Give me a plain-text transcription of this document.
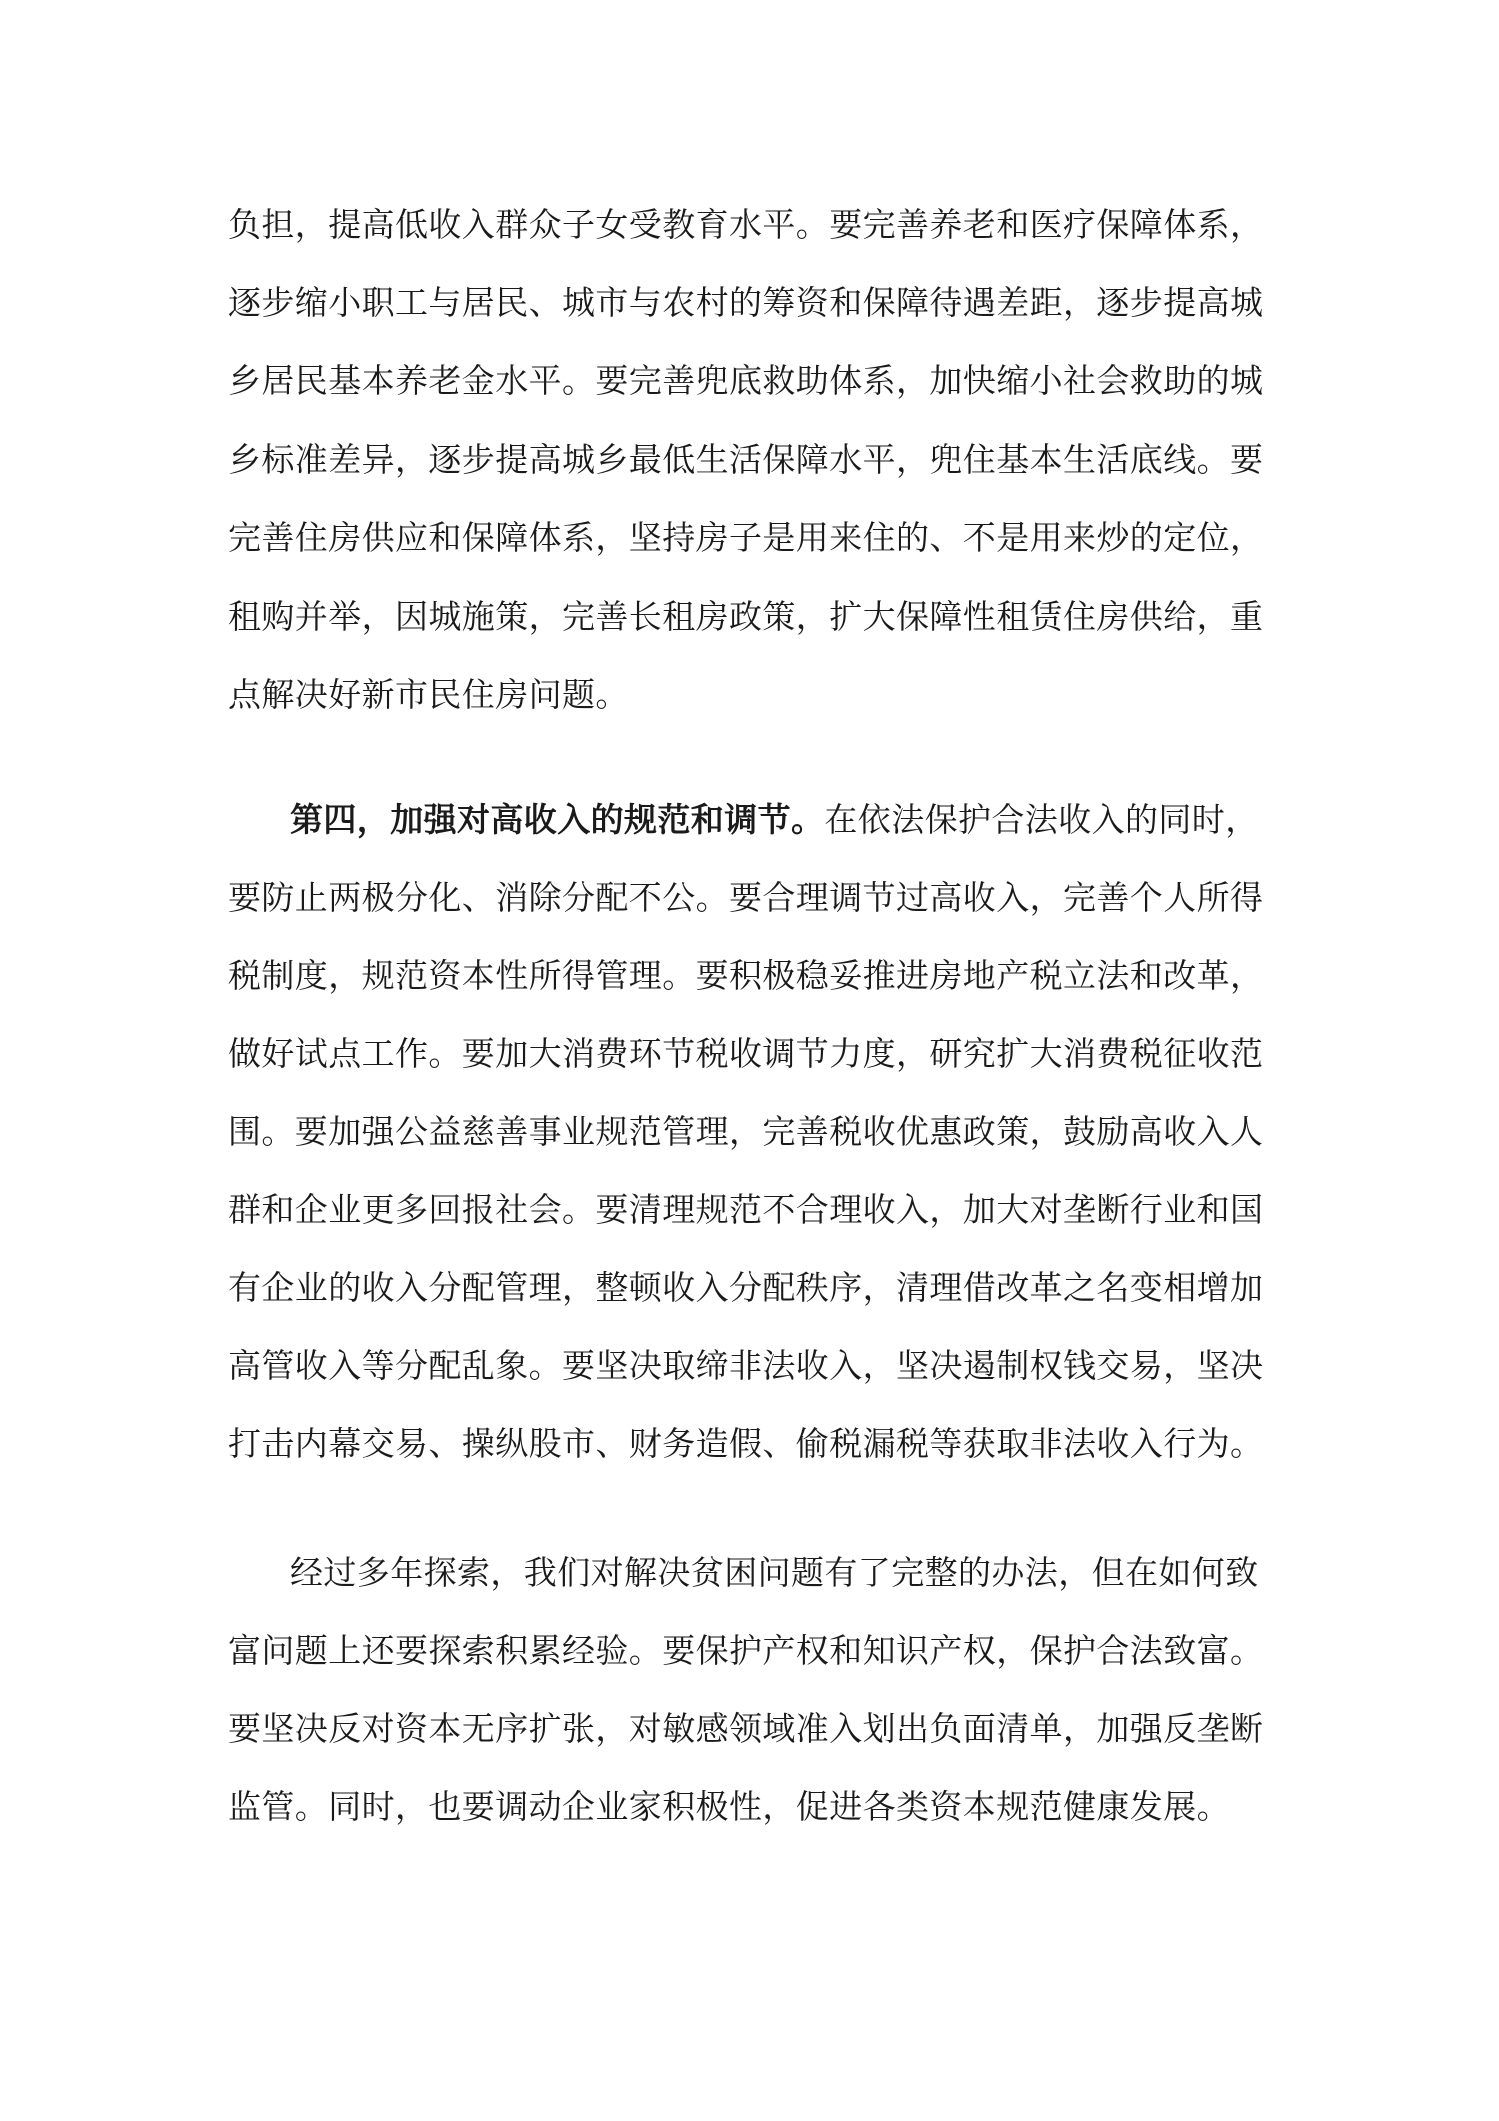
负担，提高低收入群众子女受教育水平。要完善养老和医疗保障体系，
逐步缩小职工与居民、城市与农村的筹资和保障待遇差距，逐步提高城
乡居民基本养老金水平。要完善兜底救助体系，加快缩小社会救助的城
乡标准差异，逐步提高城乡最低生活保障水平，兜住基本生活底线。要
完善住房供应和保障体系，坚持房子是用来住的、不是用来炒的定位，
租购并举，因城施策，完善长租房政策，扩大保障性租赁住房供给，重
点解决好新市民住房问题。
第四，加强对高收入的规范和调节。在依法保护合法收入的同时，
要防止两极分化、消除分配不公。要合理调节过高收入，完善个人所得
税制度，规范资本性所得管理。要积极稳妥推进房地产税立法和改革，
做好试点工作。要加大消费环节税收调节力度，研究扩大消费税征收范
围。要加强公益慈善事业规范管理，完善税收优惠政策，鼓励高收入人
群和企业更多回报社会。要清理规范不合理收入，加大对垄断行业和国
有企业的收入分配管理，整顿收入分配秩序，清理借改革之名变相增加
高管收入等分配乱象。要坚决取缔非法收入，坚决遏制权钱交易，坚决
打击内幕交易、操纵股市、财务造假、偷税漏税等获取非法收入行为。
经过多年探索，我们对解决贫困问题有了完整的办法，但在如何致
富问题上还要探索积累经验。要保护产权和知识产权，保护合法致富。
要坚决反对资本无序扩张，对敏感领域准入划出负面清单，加强反垄断
监管。同时，也要调动企业家积极性，促进各类资本规范健康发展。
